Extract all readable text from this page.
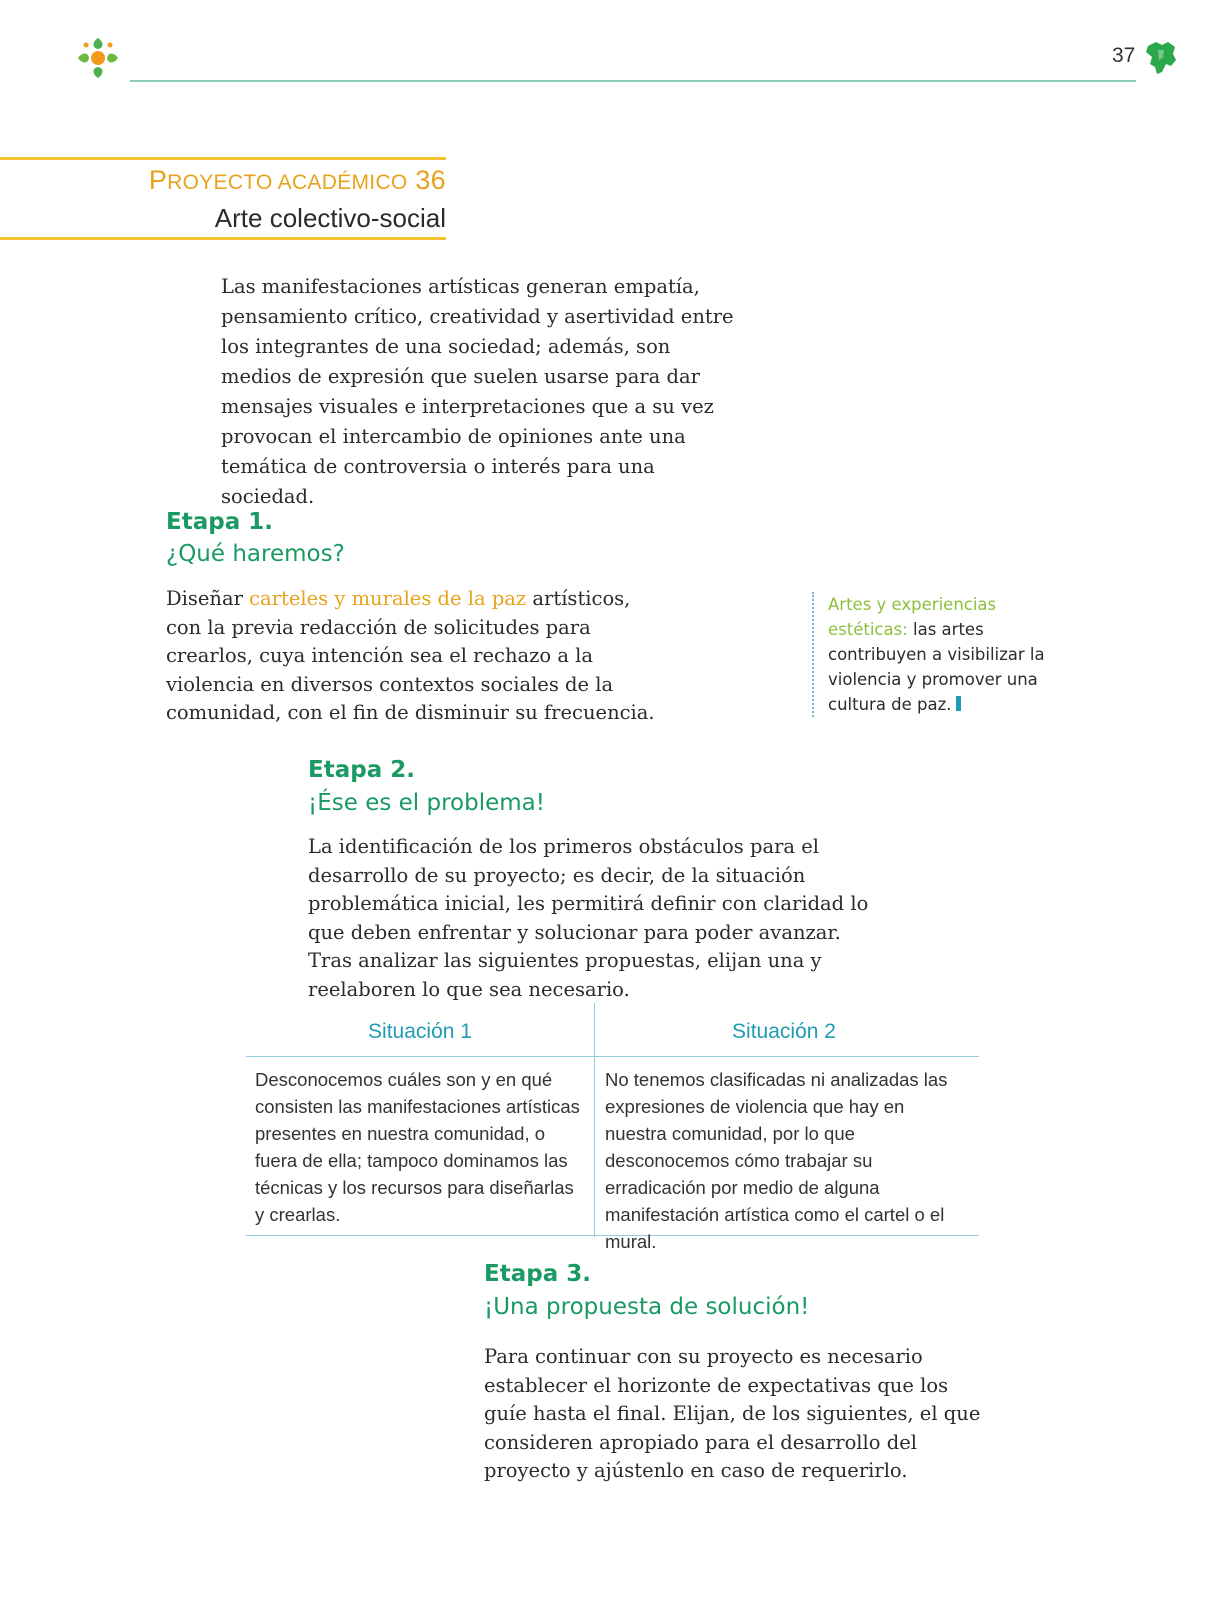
37
PROYECTO ACADÉMICO 36
Arte colectivo-social
Las manifestaciones artísticas generan empatía, pensamiento crítico, creatividad y asertividad entre los integrantes de una sociedad; además, son medios de expresión que suelen usarse para dar mensajes visuales e interpretaciones que a su vez provocan el intercambio de opiniones ante una temática de controversia o interés para una sociedad.
Etapa 1.
¿Qué haremos?
Diseñar carteles y murales de la paz artísticos, con la previa redacción de solicitudes para crearlos, cuya intención sea el rechazo a la violencia en diversos contextos sociales de la comunidad, con el fin de disminuir su frecuencia.
Artes y experiencias estéticas: las artes contribuyen a visibilizar la violencia y promover una cultura de paz.
Etapa 2.
¡Ése es el problema!
La identificación de los primeros obstáculos para el desarrollo de su proyecto; es decir, de la situación problemática inicial, les permitirá definir con claridad lo que deben enfrentar y solucionar para poder avanzar. Tras analizar las siguientes propuestas, elijan una y reelaboren lo que sea necesario.
Situación 1	Situación 2
Desconocemos cuáles son y en qué consisten las manifestaciones artísticas presentes en nuestra comunidad, o fuera de ella; tampoco dominamos las técnicas y los recursos para diseñarlas y crearlas.
No tenemos clasificadas ni analizadas las expresiones de violencia que hay en nuestra comunidad, por lo que desconocemos cómo trabajar su erradicación por medio de alguna manifestación artística como el cartel o el mural.
Etapa 3.
¡Una propuesta de solución!
Para continuar con su proyecto es necesario establecer el horizonte de expectativas que los guíe hasta el final. Elijan, de los siguientes, el que consideren apropiado para el desarrollo del proyecto y ajústenlo en caso de requerirlo.
